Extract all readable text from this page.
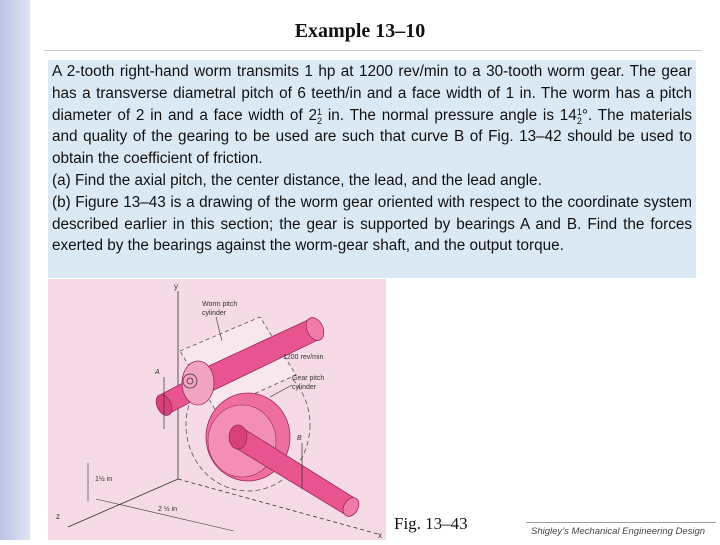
Example 13–10

A 2-tooth right-hand worm transmits 1 hp at 1200 rev/min to a 30-tooth worm gear. The gear has a transverse diametral pitch of 6 teeth/in and a face width of 1 in. The worm has a pitch diameter of 2 in and a face width of 2 1
2 in. The normal pressure angle is 14 1
2 °. The materials and quality of the gearing to be used are such that curve B of Fig. 13–42 should be used to obtain the coefficient of friction.

(a) Find the axial pitch, the center distance, the lead, and the lead angle.

(b) Figure 13–43 is a drawing of the worm gear oriented with respect to the coordinate system described earlier in this section; the gear is supported by bearings A and B. Find the forces exerted by the bearings against the worm-gear shaft, and the output torque.

y
z
x
A
B
Worm pitch
cylinder
1200 rev/min
Gear pitch
cylinder
1½ in
2 ½ in
Fig. 13–43	Shigley’s Mechanical Engineering Design
